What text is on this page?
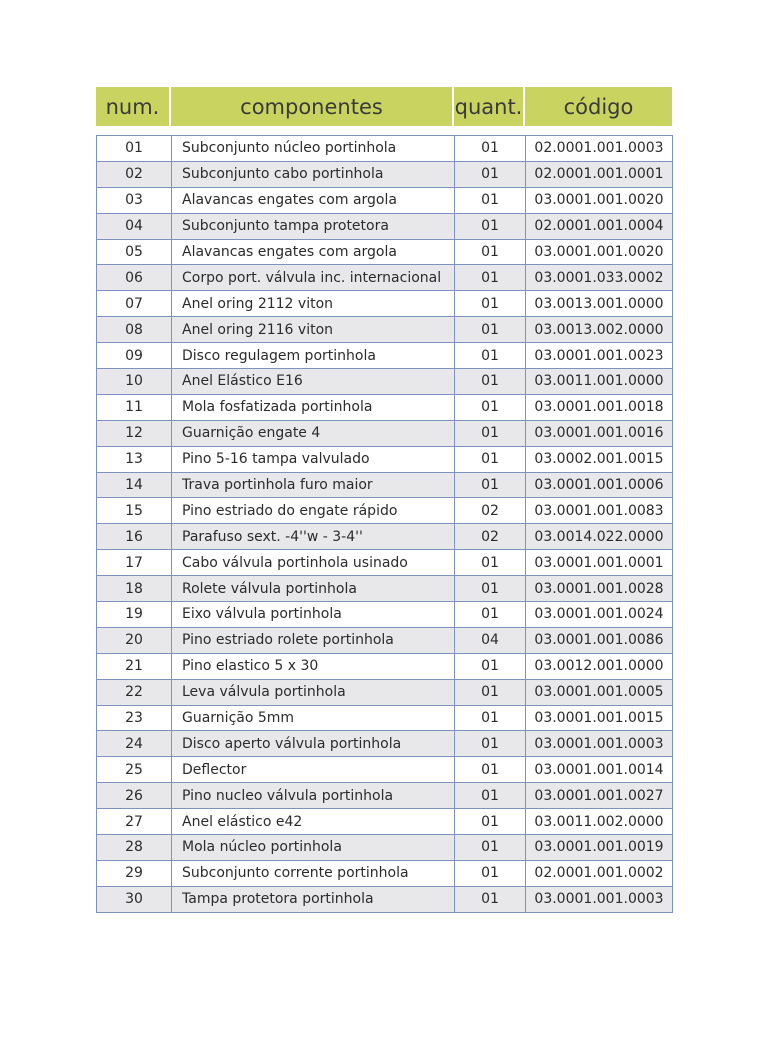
num.	componentes	quant.	código
01	Subconjunto núcleo portinhola	01	02.0001.001.0003
02	Subconjunto cabo portinhola	01	02.0001.001.0001
03	Alavancas engates com argola	01	03.0001.001.0020
04	Subconjunto tampa protetora	01	02.0001.001.0004
05	Alavancas engates com argola	01	03.0001.001.0020
06	Corpo port. válvula inc. internacional	01	03.0001.033.0002
07	Anel oring 2112 viton	01	03.0013.001.0000
08	Anel oring 2116 viton	01	03.0013.002.0000
09	Disco regulagem portinhola	01	03.0001.001.0023
10	Anel Elástico E16	01	03.0011.001.0000
11	Mola fosfatizada portinhola	01	03.0001.001.0018
12	Guarnição engate 4	01	03.0001.001.0016
13	Pino 5-16 tampa valvulado	01	03.0002.001.0015
14	Trava portinhola furo maior	01	03.0001.001.0006
15	Pino estriado do engate rápido	02	03.0001.001.0083
16	Parafuso sext. -4''w - 3-4''	02	03.0014.022.0000
17	Cabo válvula portinhola usinado	01	03.0001.001.0001
18	Rolete válvula portinhola	01	03.0001.001.0028
19	Eixo válvula portinhola	01	03.0001.001.0024
20	Pino estriado rolete portinhola	04	03.0001.001.0086
21	Pino elastico 5 x 30	01	03.0012.001.0000
22	Leva válvula portinhola	01	03.0001.001.0005
23	Guarnição 5mm	01	03.0001.001.0015
24	Disco aperto válvula portinhola	01	03.0001.001.0003
25	Deflector	01	03.0001.001.0014
26	Pino nucleo válvula portinhola	01	03.0001.001.0027
27	Anel elástico e42	01	03.0011.002.0000
28	Mola núcleo portinhola	01	03.0001.001.0019
29	Subconjunto corrente portinhola	01	02.0001.001.0002
30	Tampa protetora portinhola	01	03.0001.001.0003
